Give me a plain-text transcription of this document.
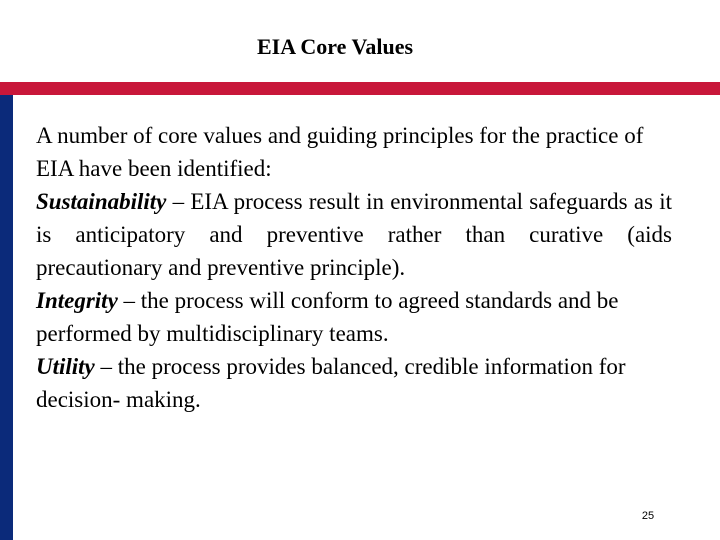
EIA Core Values

A number of core values and guiding principles for the practice of EIA have been identified:

Sustainability – EIA process result in environmental safeguards as it is anticipatory and preventive rather than curative (aids precautionary and preventive principle).

Integrity – the process will conform to agreed standards and be performed by multidisciplinary teams.

Utility – the process provides balanced, credible information for decision- making.

25
